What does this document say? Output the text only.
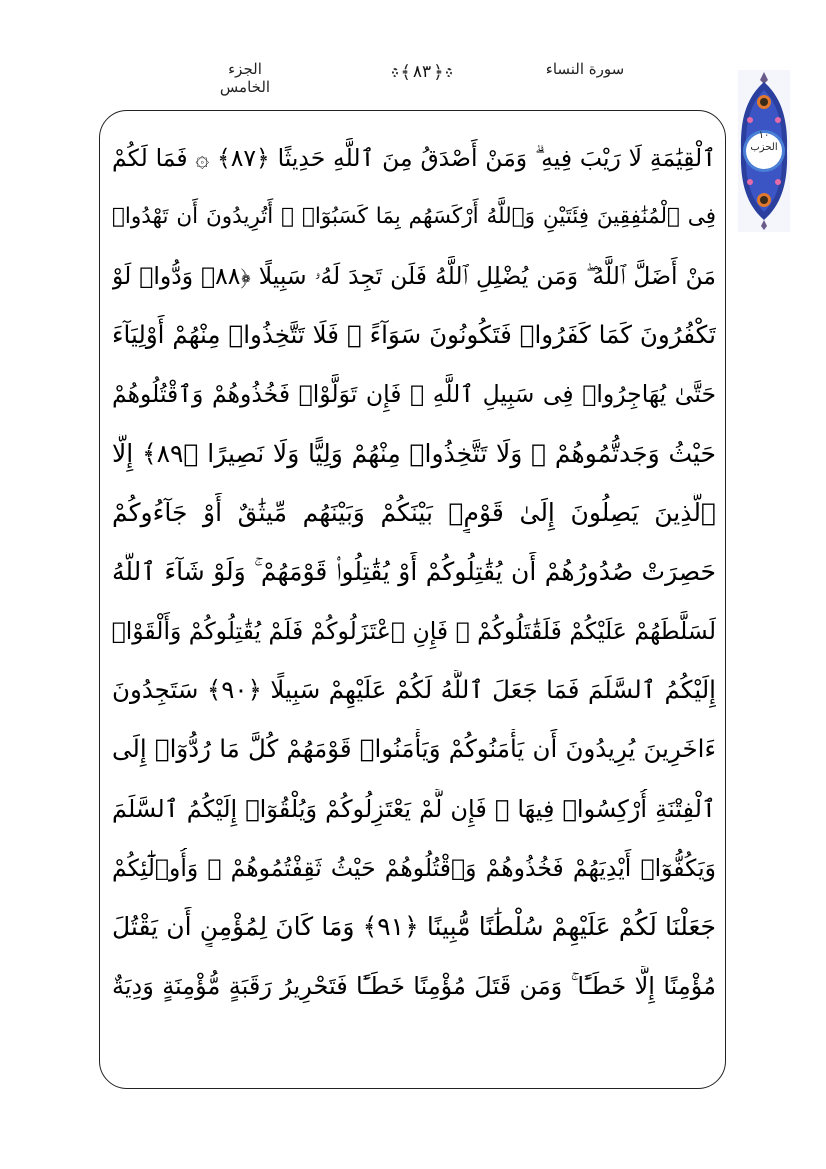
الجزء الخامس
﴾ ٨٣ ﴿	سورة النساء
١٠
الحزب
ٱلْقِيَٰمَةِ لَا رَيْبَ فِيهِ ۗ وَمَنْ أَصْدَقُ مِنَ ٱللَّهِ حَدِيثًا ﴿٨٧﴾ ۞ فَمَا لَكُمْ
فِى ٱلْمُنَٰفِقِينَ فِئَتَيْنِ وَٱللَّهُ أَرْكَسَهُم بِمَا كَسَبُوٓا۟ ۚ أَتُرِيدُونَ أَن تَهْدُوا۟
مَنْ أَضَلَّ ٱللَّهُ ۖ وَمَن يُضْلِلِ ٱللَّهُ فَلَن تَجِدَ لَهُۥ سَبِيلًا ﴿٨٨﴾ وَدُّوا۟ لَوْ
تَكْفُرُونَ كَمَا كَفَرُوا۟ فَتَكُونُونَ سَوَآءً ۖ فَلَا تَتَّخِذُوا۟ مِنْهُمْ أَوْلِيَآءَ
حَتَّىٰ يُهَاجِرُوا۟ فِى سَبِيلِ ٱللَّهِ ۚ فَإِن تَوَلَّوْا۟ فَخُذُوهُمْ وَٱقْتُلُوهُمْ
حَيْثُ وَجَدتُّمُوهُمْ ۖ وَلَا تَتَّخِذُوا۟ مِنْهُمْ وَلِيًّا وَلَا نَصِيرًا ﴿٨٩﴾ إِلَّا
ٱلَّذِينَ يَصِلُونَ إِلَىٰ قَوْمٍۭ بَيْنَكُمْ وَبَيْنَهُم مِّيثَٰقٌ أَوْ جَآءُوكُمْ
حَصِرَتْ صُدُورُهُمْ أَن يُقَٰتِلُوكُمْ أَوْ يُقَٰتِلُوا۟ قَوْمَهُمْ ۚ وَلَوْ شَآءَ ٱللَّهُ
لَسَلَّطَهُمْ عَلَيْكُمْ فَلَقَٰتَلُوكُمْ ۚ فَإِنِ ٱعْتَزَلُوكُمْ فَلَمْ يُقَٰتِلُوكُمْ وَأَلْقَوْا۟
إِلَيْكُمُ ٱلسَّلَمَ فَمَا جَعَلَ ٱللَّهُ لَكُمْ عَلَيْهِمْ سَبِيلًا ﴿٩٠﴾ سَتَجِدُونَ
ءَاخَرِينَ يُرِيدُونَ أَن يَأْمَنُوكُمْ وَيَأْمَنُوا۟ قَوْمَهُمْ كُلَّ مَا رُدُّوٓا۟ إِلَى
ٱلْفِتْنَةِ أُرْكِسُوا۟ فِيهَا ۚ فَإِن لَّمْ يَعْتَزِلُوكُمْ وَيُلْقُوٓا۟ إِلَيْكُمُ ٱلسَّلَمَ
وَيَكُفُّوٓا۟ أَيْدِيَهُمْ فَخُذُوهُمْ وَٱقْتُلُوهُمْ حَيْثُ ثَقِفْتُمُوهُمْ ۚ وَأُو۟لَٰٓئِكُمْ
جَعَلْنَا لَكُمْ عَلَيْهِمْ سُلْطَٰنًا مُّبِينًا ﴿٩١﴾ وَمَا كَانَ لِمُؤْمِنٍ أَن يَقْتُلَ
مُؤْمِنًا إِلَّا خَطَـًٔا ۚ وَمَن قَتَلَ مُؤْمِنًا خَطَـًٔا فَتَحْرِيرُ رَقَبَةٍ مُّؤْمِنَةٍ وَدِيَةٌ
